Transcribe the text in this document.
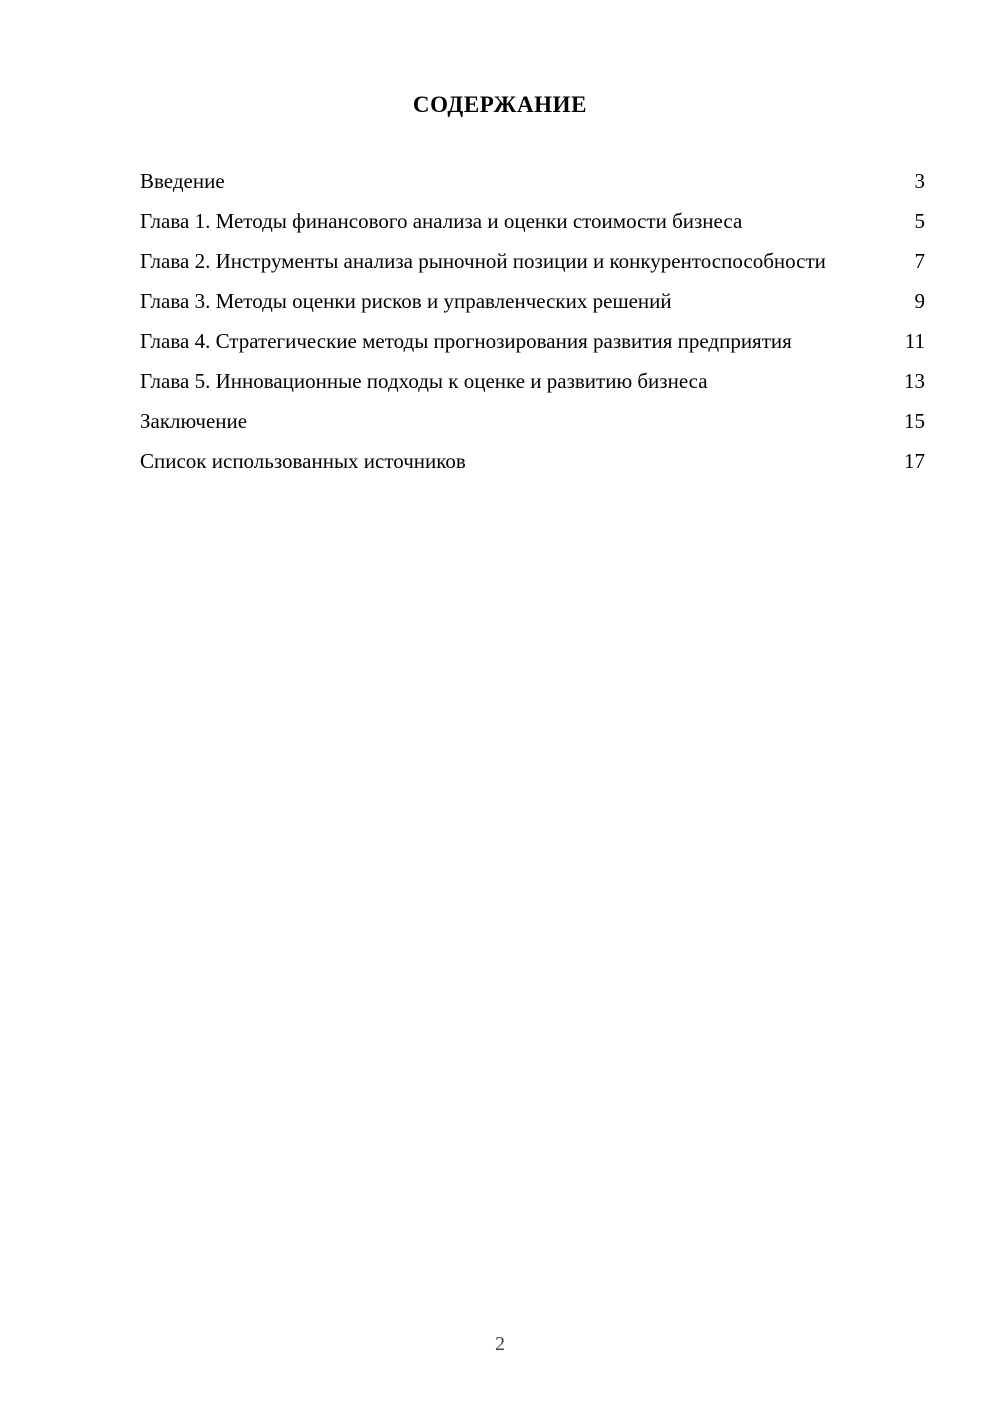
СОДЕРЖАНИЕ
Введение	3
Глава 1. Методы финансового анализа и оценки стоимости бизнеса	5
Глава 2. Инструменты анализа рыночной позиции и конкурентоспособности	7
Глава 3. Методы оценки рисков и управленческих решений	9
Глава 4. Стратегические методы прогнозирования развития предприятия	11
Глава 5. Инновационные подходы к оценке и развитию бизнеса	13
Заключение	15
Список использованных источников	17
2
